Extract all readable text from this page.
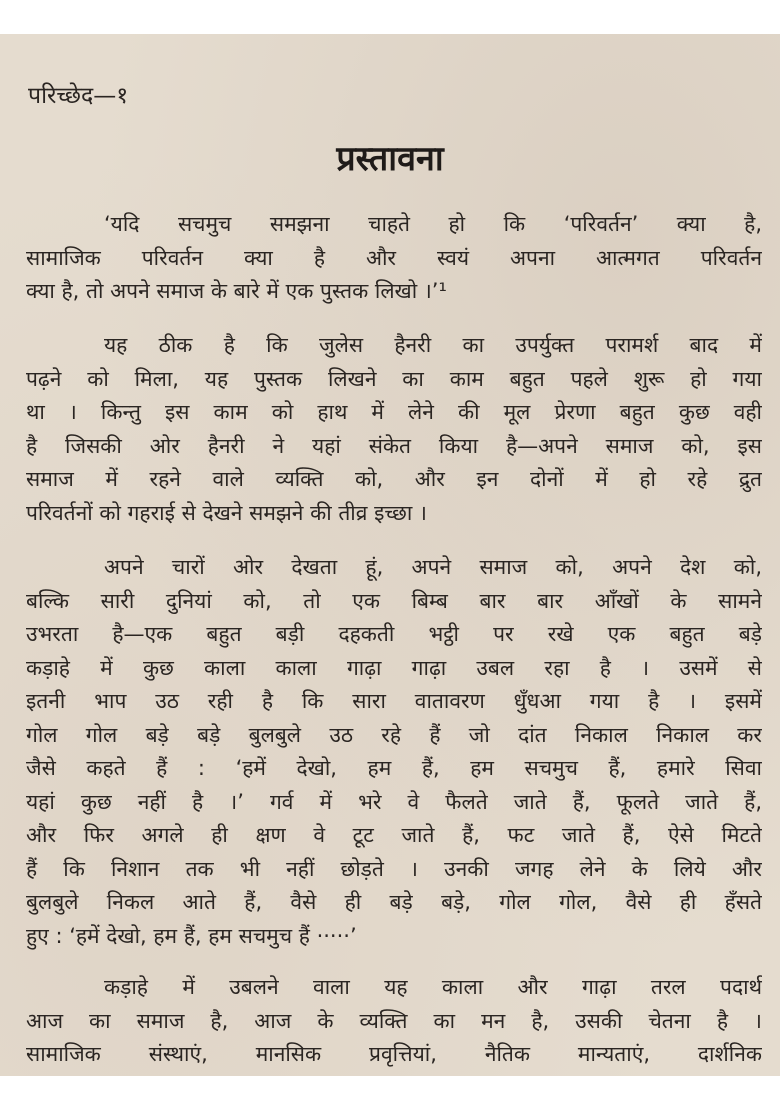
परिच्छेद—१
प्रस्तावना
‘यदि सचमुच समझना चाहते हो कि ‘परिवर्तन’ क्या है,
सामाजिक परिवर्तन क्या है और स्वयं अपना आत्मगत परिवर्तन
क्या है, तो अपने समाज के बारे में एक पुस्तक लिखो ।’¹
यह ठीक है कि जुलेस हैनरी का उपर्युक्त परामर्श बाद में
पढ़ने को मिला, यह पुस्तक लिखने का काम बहुत पहले शुरू हो गया
था । किन्तु इस काम को हाथ में लेने की मूल प्रेरणा बहुत कुछ वही
है जिसकी ओर हैनरी ने यहां संकेत किया है—अपने समाज को, इस
समाज में रहने वाले व्यक्ति को, और इन दोनों में हो रहे द्रुत
परिवर्तनों को गहराई से देखने समझने की तीव्र इच्छा ।
अपने चारों ओर देखता हूं, अपने समाज को, अपने देश को,
बल्कि सारी दुनियां को, तो एक बिम्ब बार बार आँखों के सामने
उभरता है—एक बहुत बड़ी दहकती भट्ठी पर रखे एक बहुत बड़े
कड़ाहे में कुछ काला काला गाढ़ा गाढ़ा उबल रहा है । उसमें से
इतनी भाप उठ रही है कि सारा वातावरण धुँधआ गया है । इसमें
गोल गोल बड़े बड़े बुलबुले उठ रहे हैं जो दांत निकाल निकाल कर
जैसे कहते हैं : ‘हमें देखो, हम हैं, हम सचमुच हैं, हमारे सिवा
यहां कुछ नहीं है ।’ गर्व में भरे वे फैलते जाते हैं, फूलते जाते हैं,
और फिर अगले ही क्षण वे टूट जाते हैं, फट जाते हैं, ऐसे मिटते
हैं कि निशान तक भी नहीं छोड़ते । उनकी जगह लेने के लिये और
बुलबुले निकल आते हैं, वैसे ही बड़े बड़े, गोल गोल, वैसे ही हँसते
हुए : ‘हमें देखो, हम हैं, हम सचमुच हैं ·····’
कड़ाहे में उबलने वाला यह काला और गाढ़ा तरल पदार्थ
आज का समाज है, आज के व्यक्ति का मन है, उसकी चेतना है ।
सामाजिक संस्थाएं, मानसिक प्रवृत्तियां, नैतिक मान्यताएं, दार्शनिक
